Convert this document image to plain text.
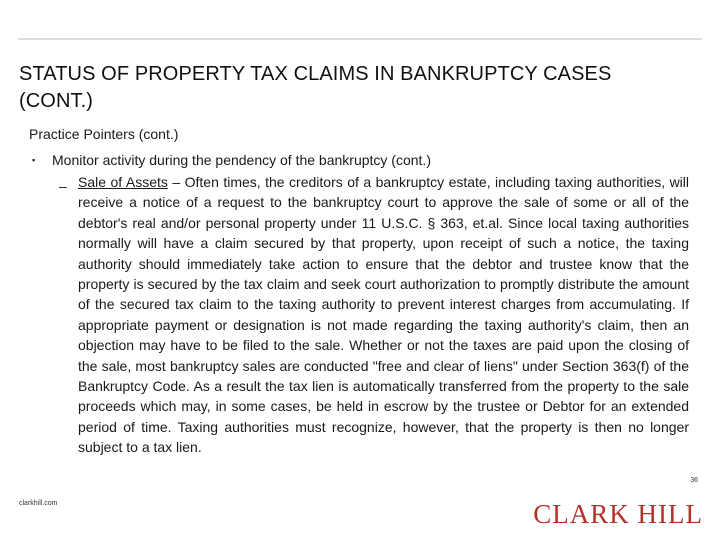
STATUS OF PROPERTY TAX CLAIMS IN BANKRUPTCY CASES (CONT.)
Practice Pointers (cont.)
▪ Monitor activity during the pendency of the bankruptcy (cont.)
– Sale of Assets – Often times, the creditors of a bankruptcy estate, including taxing authorities, will receive a notice of a request to the bankruptcy court to approve the sale of some or all of the debtor's real and/or personal property under 11 U.S.C. § 363, et.al. Since local taxing authorities normally will have a claim secured by that property, upon receipt of such a notice, the taxing authority should immediately take action to ensure that the debtor and trustee know that the property is secured by the tax claim and seek court authorization to promptly distribute the amount of the secured tax claim to the taxing authority to prevent interest charges from accumulating. If appropriate payment or designation is not made regarding the taxing authority's claim, then an objection may have to be filed to the sale. Whether or not the taxes are paid upon the closing of the sale, most bankruptcy sales are conducted "free and clear of liens" under Section 363(f) of the Bankruptcy Code. As a result the tax lien is automatically transferred from the property to the sale proceeds which may, in some cases, be held in escrow by the trustee or Debtor for an extended period of time. Taxing authorities must recognize, however, that the property is then no longer subject to a tax lien.
36
clarkhill.com	CLARK HILL
